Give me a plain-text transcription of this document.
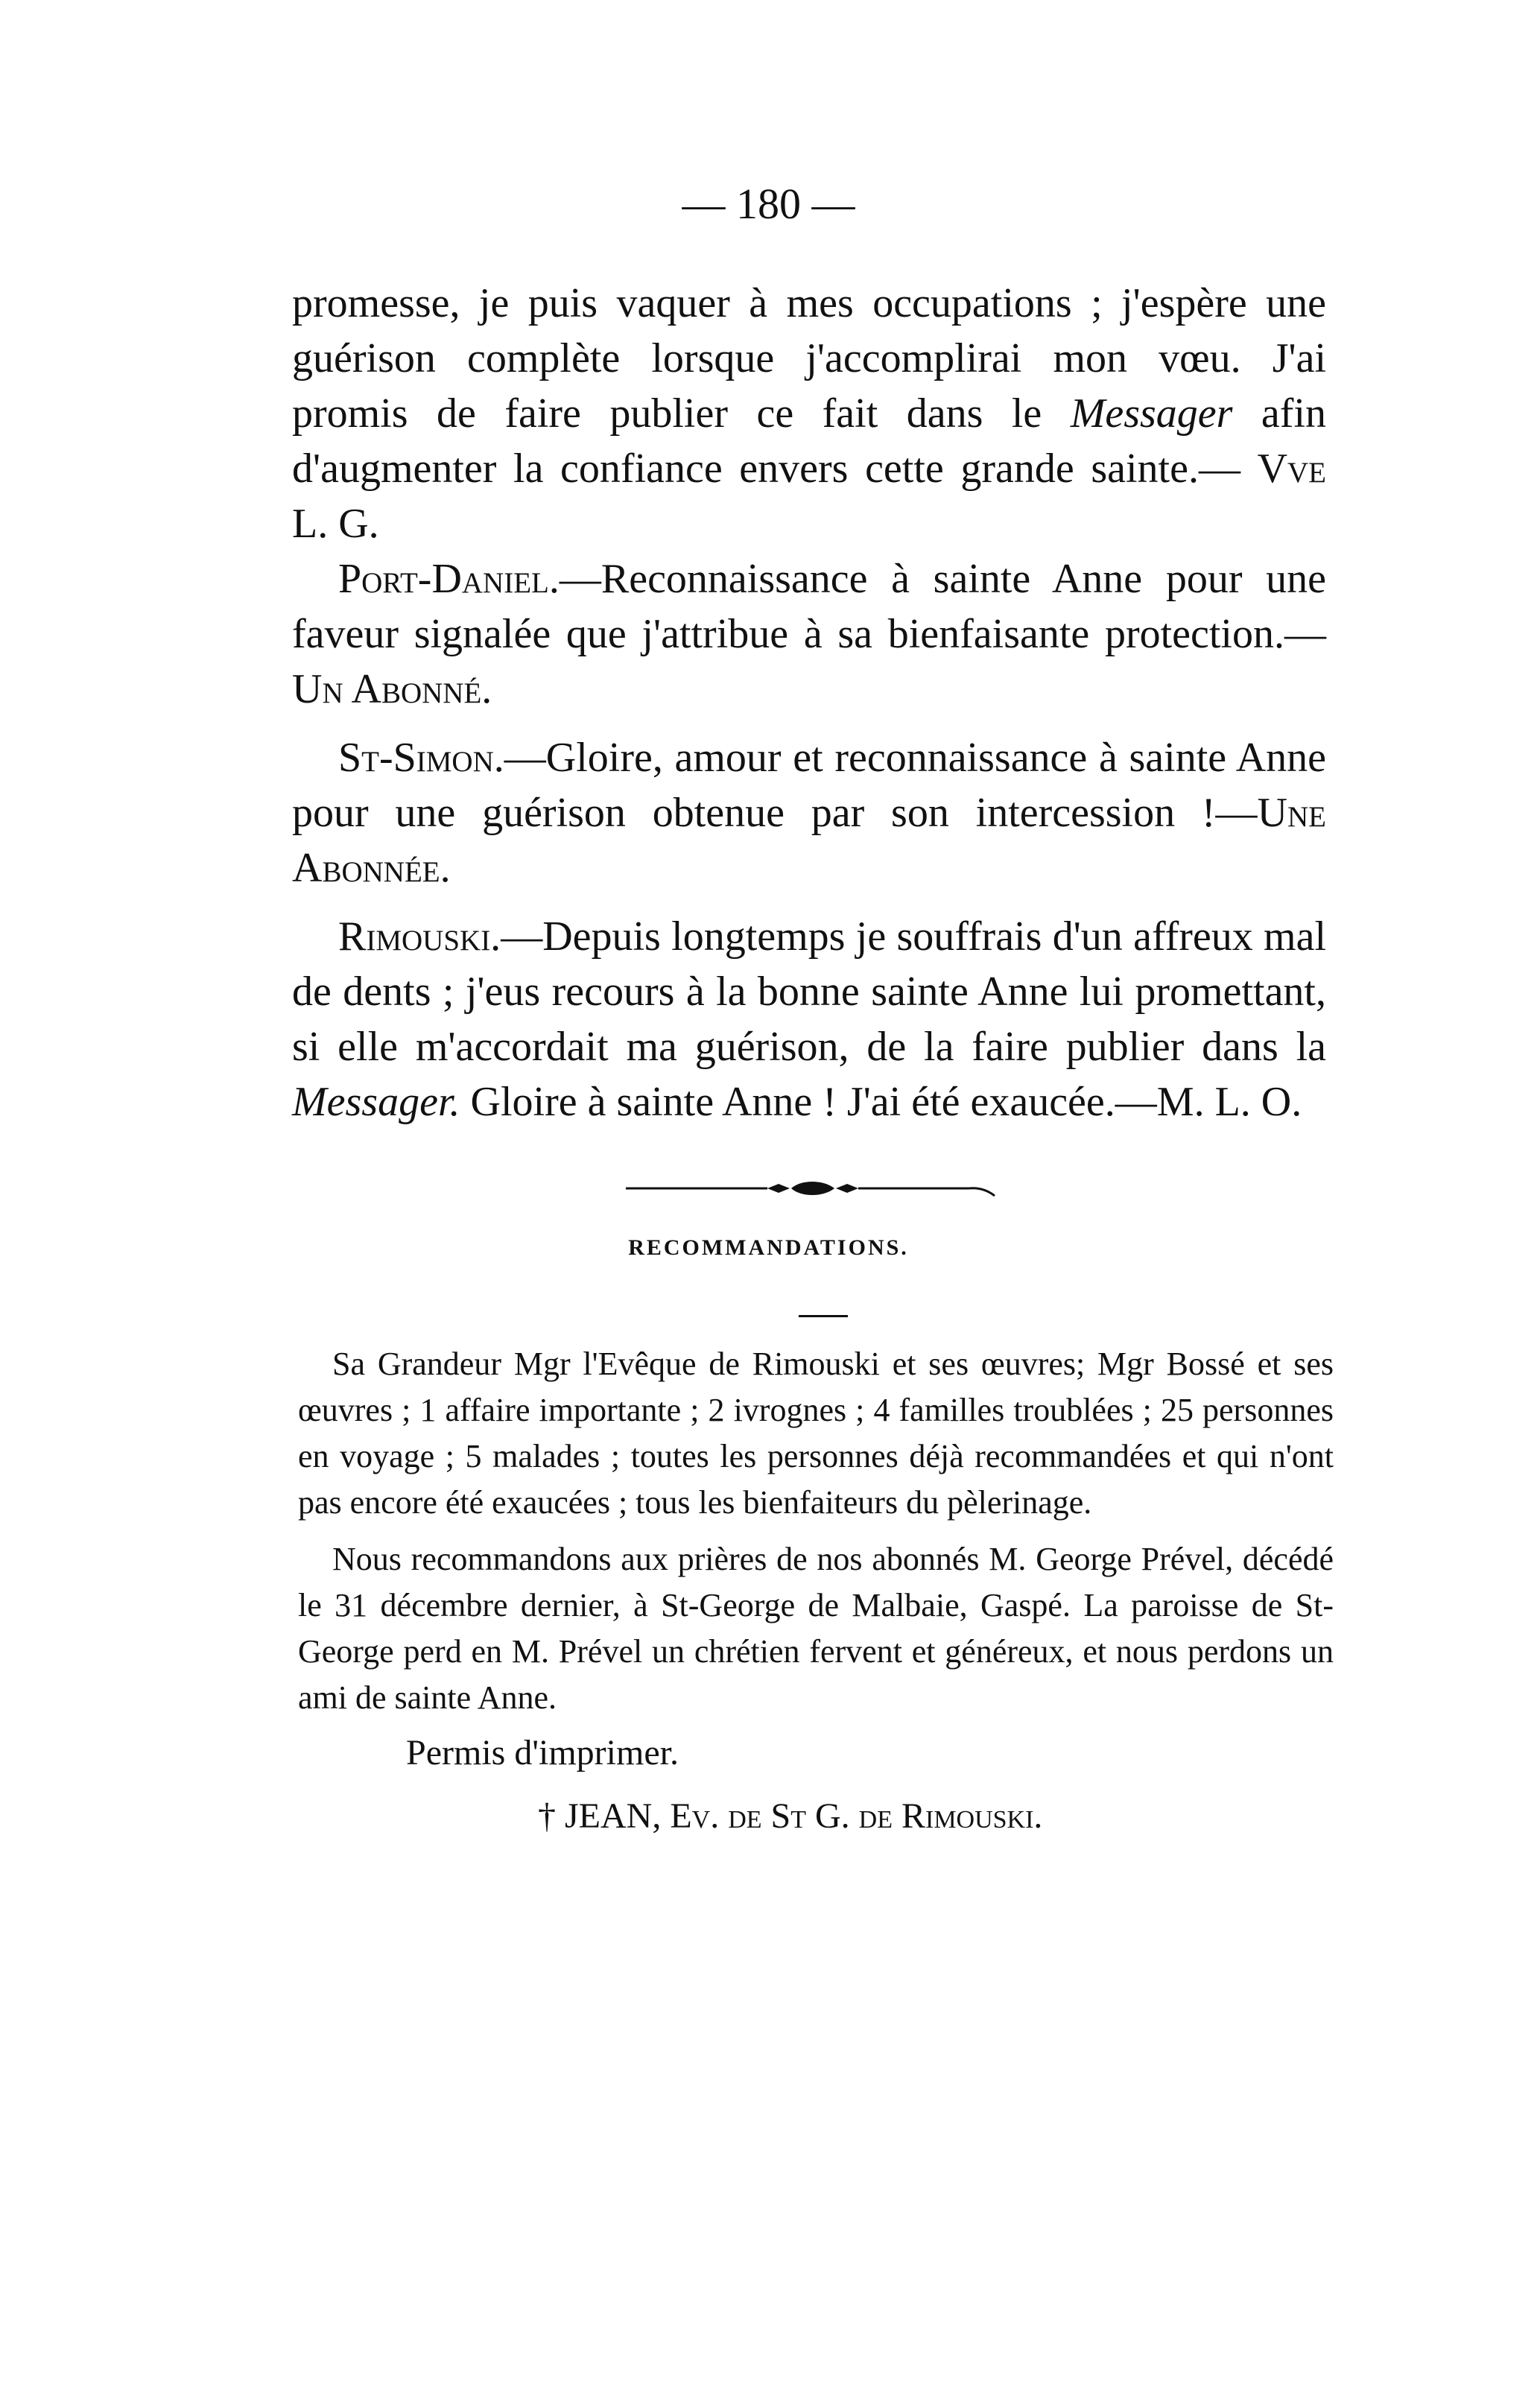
— 180 —

promesse, je puis vaquer à mes occupations ; j'espère une guérison complète lorsque j'accomplirai mon vœu. J'ai promis de faire publier ce fait dans le Messager afin d'augmenter la confiance envers cette grande sainte.— Vve L. G.

Port-Daniel.—Reconnaissance à sainte Anne pour une faveur signalée que j'attribue à sa bienfaisante protection.—Un Abonné.

St-Simon.—Gloire, amour et reconnaissance à sainte Anne pour une guérison obtenue par son intercession !—Une Abonnée.

Rimouski.—Depuis longtemps je souffrais d'un affreux mal de dents ; j'eus recours à la bonne sainte Anne lui promettant, si elle m'accordait ma guérison, de la faire publier dans la Messager. Gloire à sainte Anne ! J'ai été exaucée.—M. L. O.

RECOMMANDATIONS.

Sa Grandeur Mgr l'Evêque de Rimouski et ses œuvres; Mgr Bossé et ses œuvres ; 1 affaire importante ; 2 ivrognes ; 4 familles troublées ; 25 personnes en voyage ; 5 malades ; toutes les personnes déjà recommandées et qui n'ont pas encore été exaucées ; tous les bienfaiteurs du pèlerinage.

Nous recommandons aux prières de nos abonnés M. George Prével, décédé le 31 décembre dernier, à St-George de Malbaie, Gaspé. La paroisse de St-George perd en M. Prével un chrétien fervent et généreux, et nous perdons un ami de sainte Anne.

Permis d'imprimer.
† JEAN, Ev. de St G. de Rimouski.
